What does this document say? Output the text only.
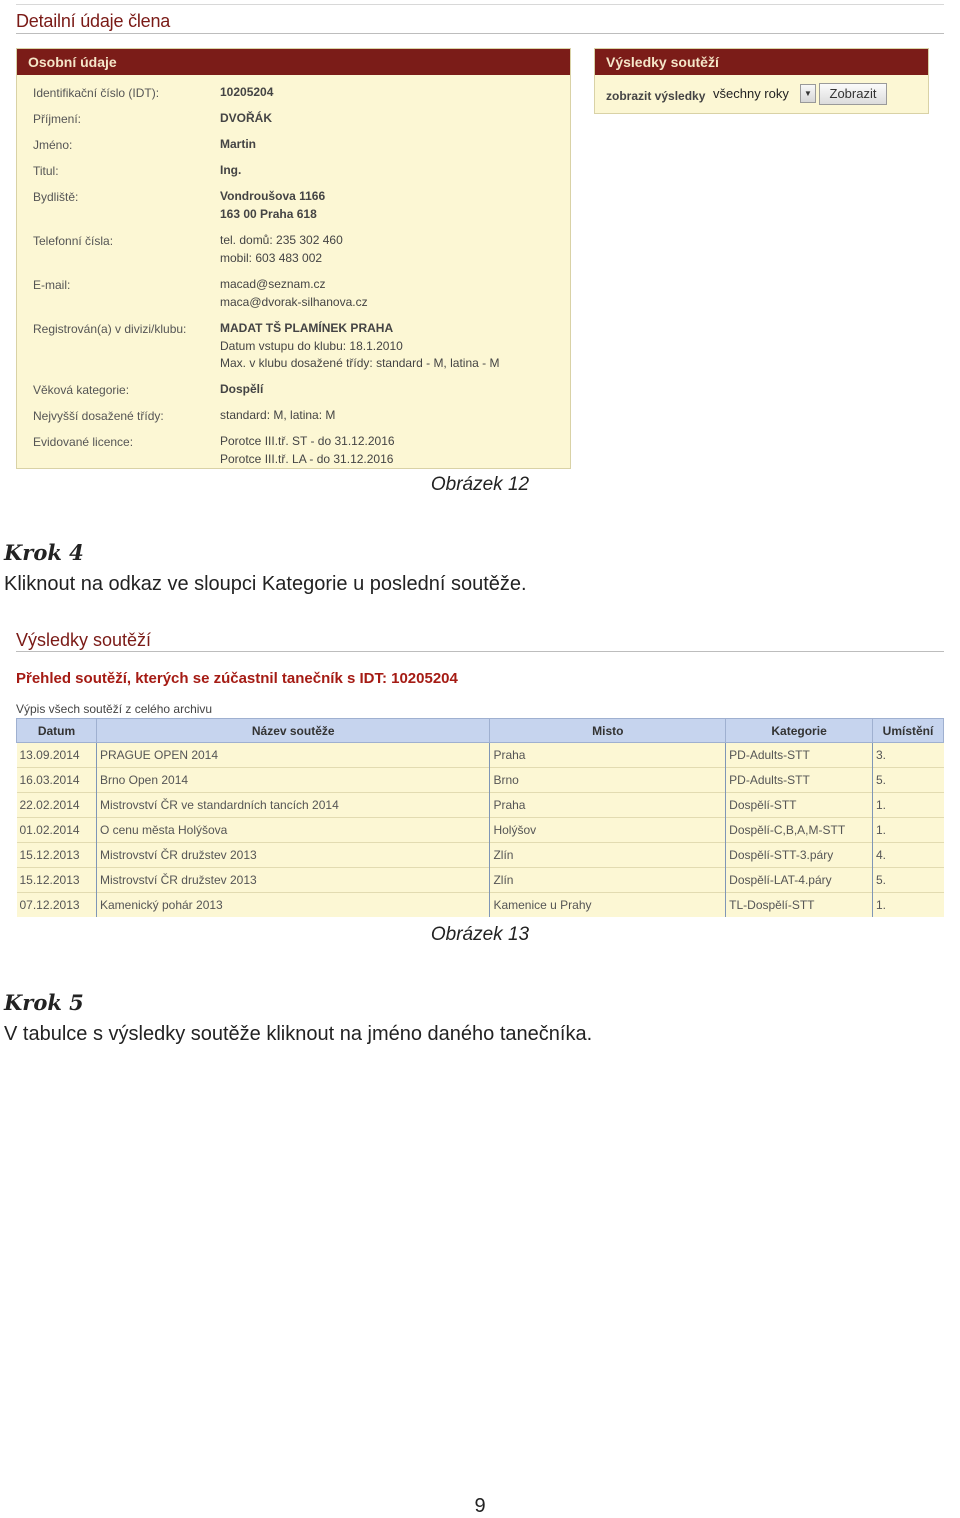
Detailní údaje člena
Osobní údaje
Identifikační číslo (IDT):	10205204
Příjmení:	DVOŘÁK
Jméno:	Martin
Titul:	Ing.
Bydliště:	Vondroušova 1166
163 00 Praha 618
Telefonní čísla:	tel. domů: 235 302 460
mobil: 603 483 002
E-mail:	macad@seznam.cz
maca@dvorak-silhanova.cz
Registrován(a) v divizi/klubu:	MADAT TŠ PLAMÍNEK PRAHA
Datum vstupu do klubu: 18.1.2010
Max. v klubu dosažené třídy: standard - M, latina - M
Věková kategorie:	Dospělí
Nejvyšší dosažené třídy:	standard: M, latina: M
Evidované licence:	Porotce III.tř. ST - do 31.12.2016
Porotce III.tř. LA - do 31.12.2016
Výsledky soutěží
zobrazit výsledky všechny roky	▼	Zobrazit
Obrázek 12
Krok 4
Kliknout na odkaz ve sloupci Kategorie u poslední soutěže.
Výsledky soutěží
Přehled soutěží, kterých se zúčastnil tanečník s IDT: 10205204
Výpis všech soutěží z celého archivu
Datum	Název soutěže	Misto	Kategorie	Umístění
13.09.2014	PRAGUE OPEN 2014	Praha	PD-Adults-STT	3.
16.03.2014	Brno Open 2014	Brno	PD-Adults-STT	5.
22.02.2014	Mistrovství ČR ve standardních tancích 2014	Praha	Dospělí-STT	1.
01.02.2014	O cenu města Holýšova	Holýšov	Dospělí-C,B,A,M-STT	1.
15.12.2013	Mistrovství ČR družstev 2013	Zlín	Dospělí-STT-3.páry	4.
15.12.2013	Mistrovství ČR družstev 2013	Zlín	Dospělí-LAT-4.páry	5.
07.12.2013	Kamenický pohár 2013	Kamenice u Prahy	TL-Dospělí-STT	1.
Obrázek 13
Krok 5
V tabulce s výsledky soutěže kliknout na jméno daného tanečníka.
9
